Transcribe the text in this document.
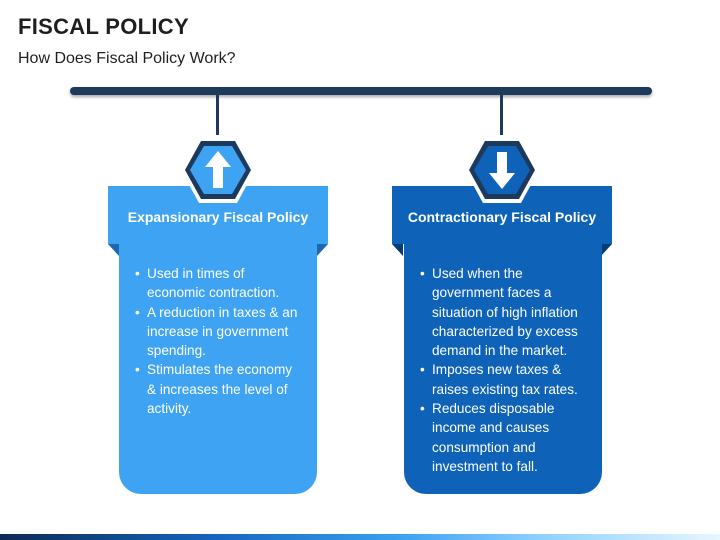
FISCAL POLICY
How Does Fiscal Policy Work?
Expansionary Fiscal Policy
• Used in times of economic contraction.
• A reduction in taxes & an increase in government spending.
• Stimulates the economy & increases the level of activity.
Contractionary Fiscal Policy
• Used when the government faces a situation of high inflation characterized by excess demand in the market.
• Imposes new taxes & raises existing tax rates.
• Reduces disposable income and causes consumption and investment to fall.
